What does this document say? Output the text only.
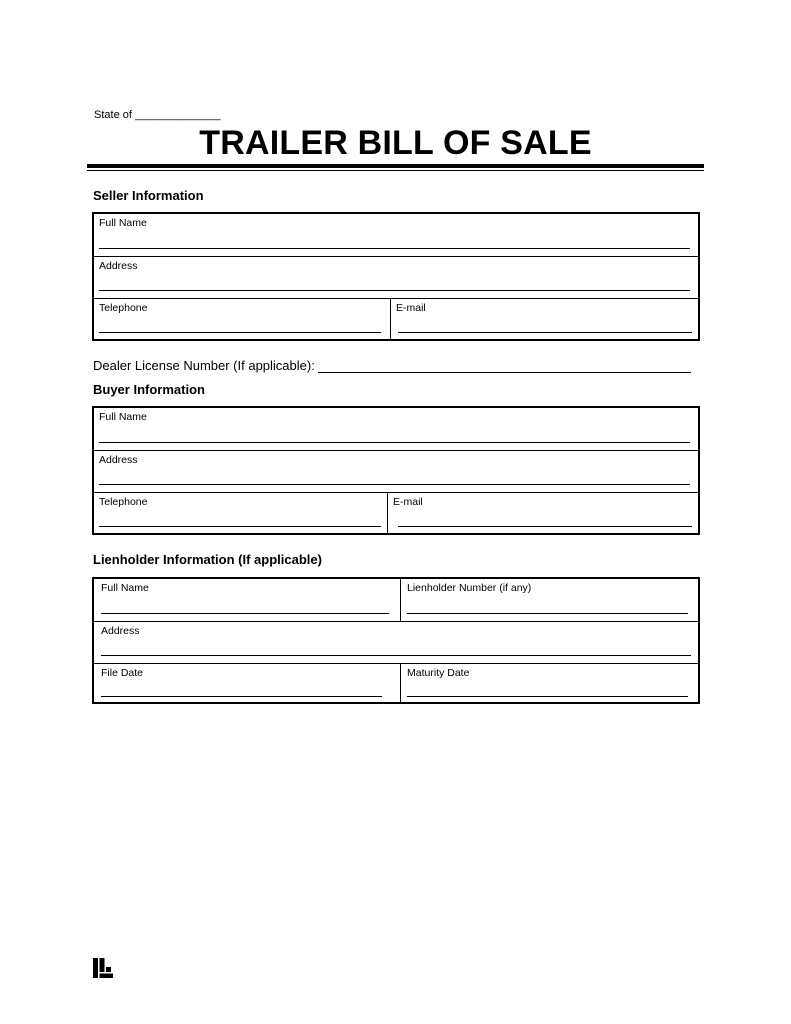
State of ______________
TRAILER BILL OF SALE
Seller Information
Full Name
Address
Telephone	E-mail
Dealer License Number (If applicable):
Buyer Information
Full Name
Address
Telephone	E-mail
Lienholder Information (If applicable)
Full Name	Lienholder Number (if any)
Address
File Date	Maturity Date
